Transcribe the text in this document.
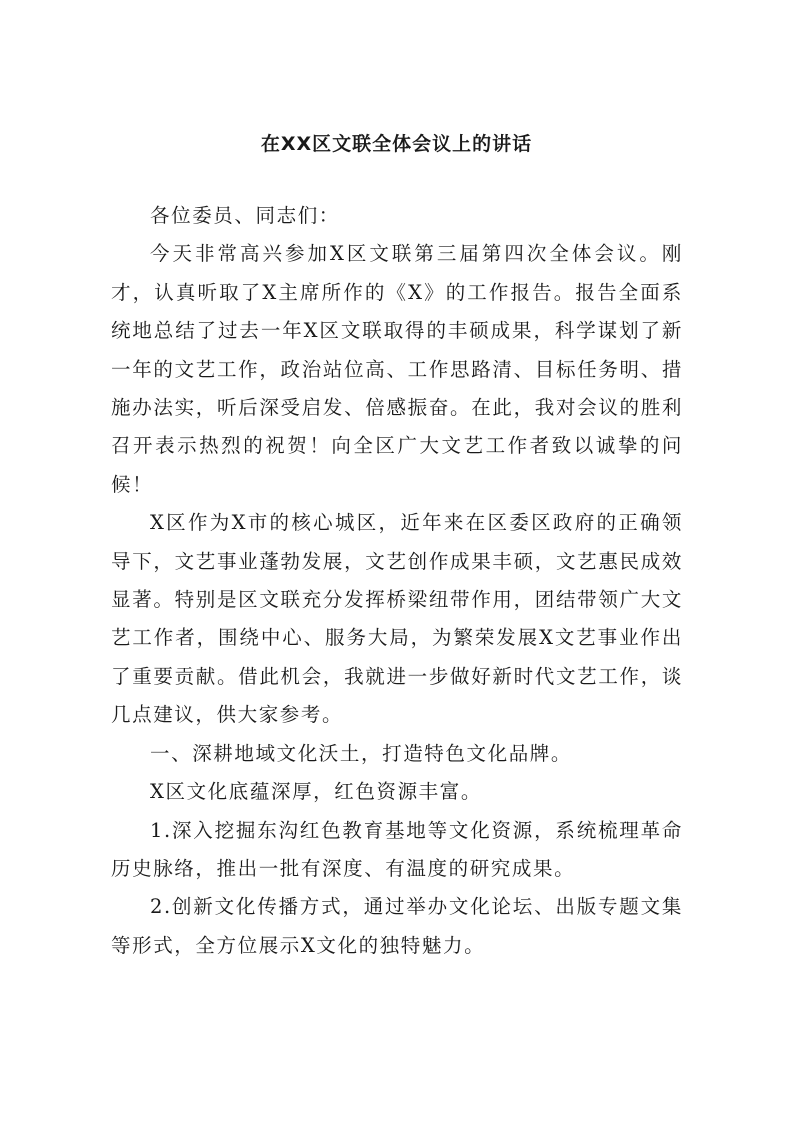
在XX区文联全体会议上的讲话

各位委员、同志们：

今天非常高兴参加X区文联第三届第四次全体会议。刚才，认真听取了X主席所作的《X》的工作报告。报告全面系统地总结了过去一年X区文联取得的丰硕成果，科学谋划了新一年的文艺工作，政治站位高、工作思路清、目标任务明、措施办法实，听后深受启发、倍感振奋。在此，我对会议的胜利召开表示热烈的祝贺！向全区广大文艺工作者致以诚挚的问候！

X区作为X市的核心城区，近年来在区委区政府的正确领导下，文艺事业蓬勃发展，文艺创作成果丰硕，文艺惠民成效显著。特别是区文联充分发挥桥梁纽带作用，团结带领广大文艺工作者，围绕中心、服务大局，为繁荣发展X文艺事业作出了重要贡献。借此机会，我就进一步做好新时代文艺工作，谈几点建议，供大家参考。

一、深耕地域文化沃土，打造特色文化品牌。

X区文化底蕴深厚，红色资源丰富。

1.深入挖掘东沟红色教育基地等文化资源，系统梳理革命历史脉络，推出一批有深度、有温度的研究成果。

2.创新文化传播方式，通过举办文化论坛、出版专题文集等形式，全方位展示X文化的独特魅力。
